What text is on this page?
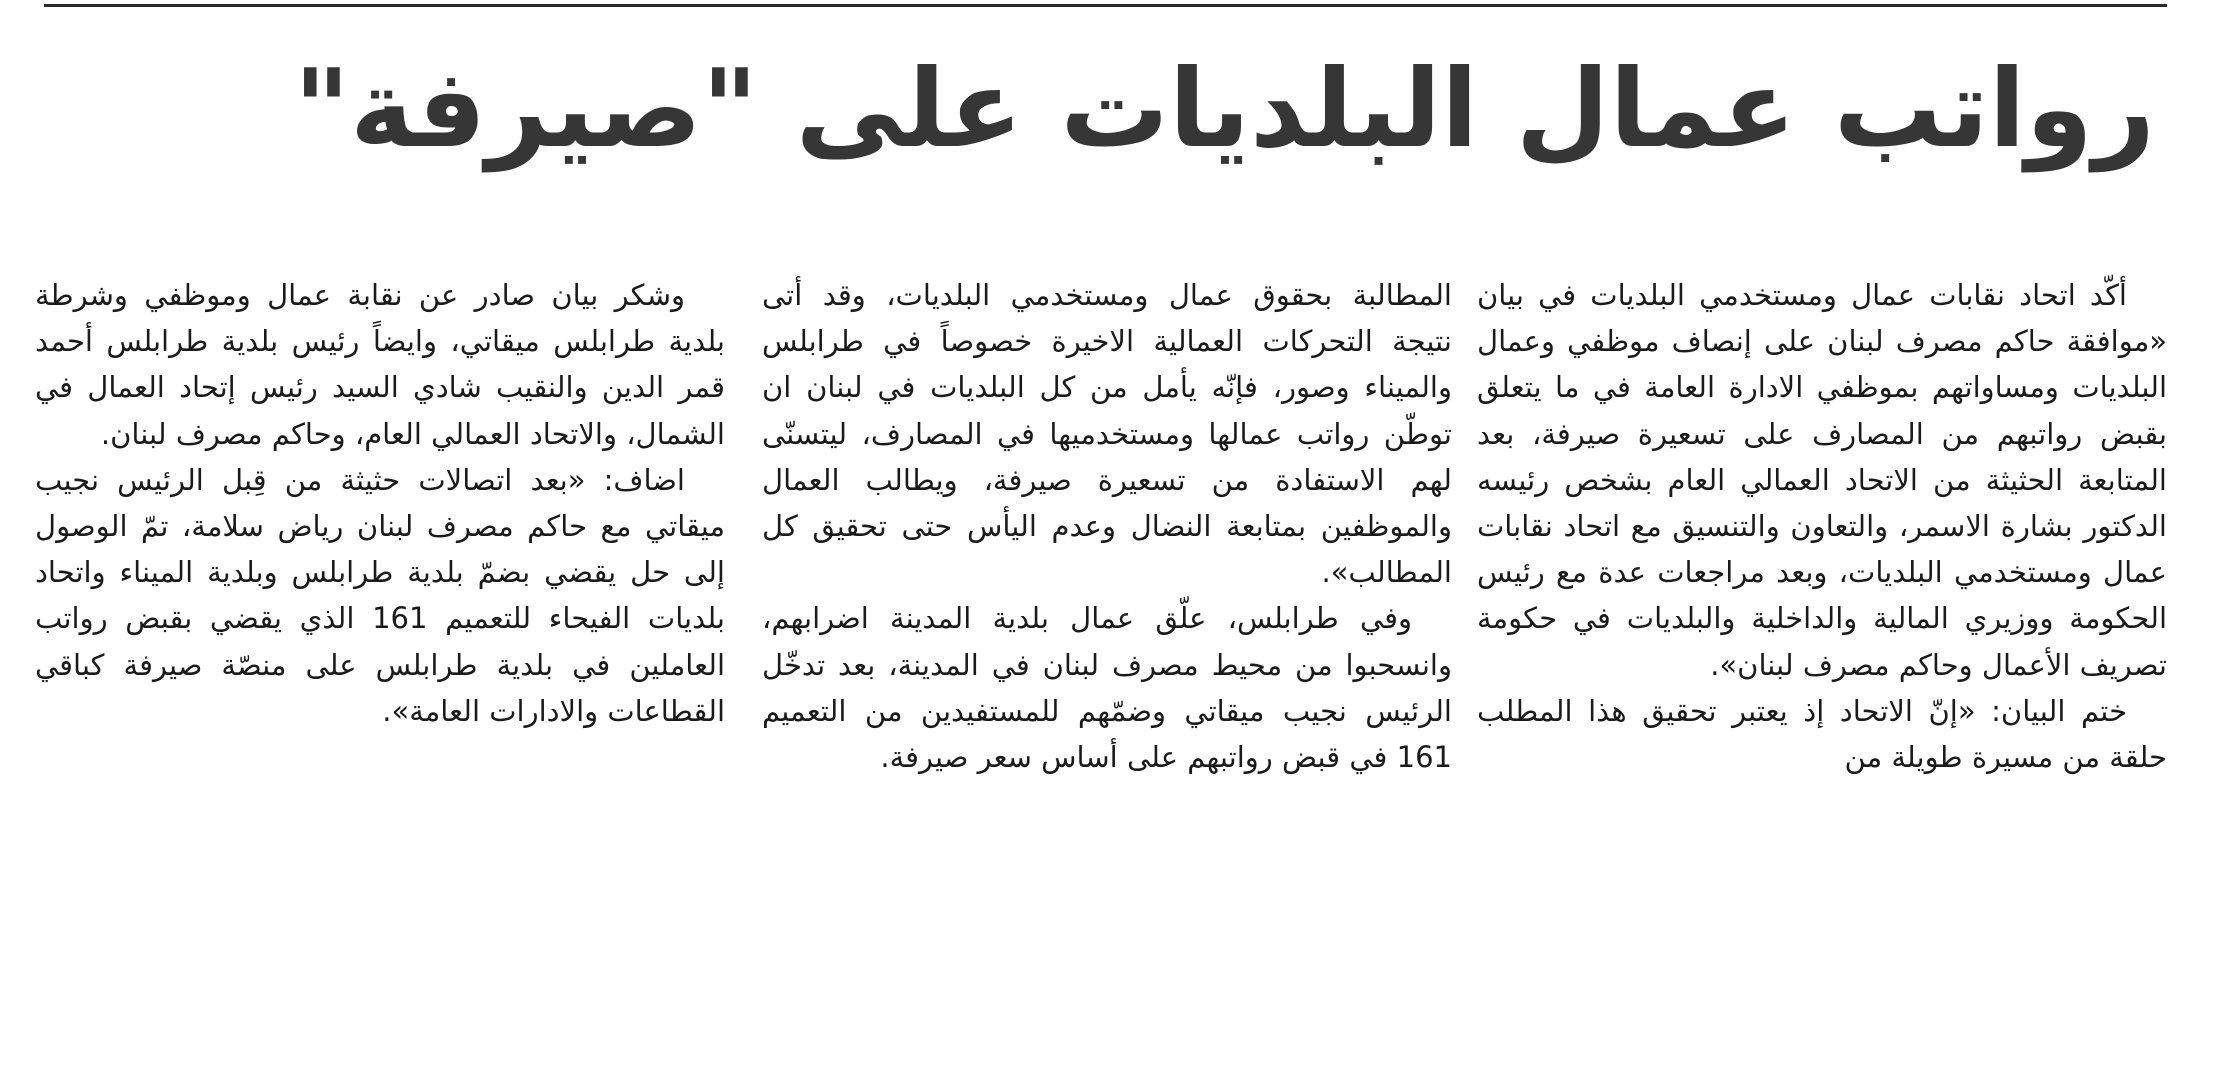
رواتب عمال البلديات على "صيرفة"

أكّد اتحاد نقابات عمال ومستخدمي البلديات في بيان «موافقة حاكم مصرف لبنان على إنصاف موظفي وعمال البلديات ومساواتهم بموظفي الادارة العامة في ما يتعلق بقبض رواتبهم من المصارف على تسعيرة صيرفة، بعد المتابعة الحثيثة من الاتحاد العمالي العام بشخص رئيسه الدكتور بشارة الاسمر، والتعاون والتنسيق مع اتحاد نقابات عمال ومستخدمي البلديات، وبعد مراجعات عدة مع رئيس الحكومة ووزيري المالية والداخلية والبلديات في حكومة تصريف الأعمال وحاكم مصرف لبنان».

ختم البيان: «إنّ الاتحاد إذ يعتبر تحقيق هذا المطلب حلقة من مسيرة طويلة من

المطالبة بحقوق عمال ومستخدمي البلديات، وقد أتى نتيجة التحركات العمالية الاخيرة خصوصاً في طرابلس والميناء وصور، فإنّه يأمل من كل البلديات في لبنان ان توطّن رواتب عمالها ومستخدميها في المصارف، ليتسنّى لهم الاستفادة من تسعيرة صيرفة، ويطالب العمال والموظفين بمتابعة النضال وعدم اليأس حتى تحقيق كل المطالب».

وفي طرابلس، علّق عمال بلدية المدينة اضرابهم، وانسحبوا من محيط مصرف لبنان في المدينة، بعد تدخّل الرئيس نجيب ميقاتي وضمّهم للمستفيدين من التعميم 161 في قبض رواتبهم على أساس سعر صيرفة.

وشكر بيان صادر عن نقابة عمال وموظفي وشرطة بلدية طرابلس ميقاتي، وايضاً رئيس بلدية طرابلس أحمد قمر الدين والنقيب شادي السيد رئيس إتحاد العمال في الشمال، والاتحاد العمالي العام، وحاكم مصرف لبنان.

اضاف: «بعد اتصالات حثيثة من قِبل الرئيس نجيب ميقاتي مع حاكم مصرف لبنان رياض سلامة، تمّ الوصول إلى حل يقضي بضمّ بلدية طرابلس وبلدية الميناء واتحاد بلديات الفيحاء للتعميم 161 الذي يقضي بقبض رواتب العاملين في بلدية طرابلس على منصّة صيرفة كباقي القطاعات والادارات العامة».
